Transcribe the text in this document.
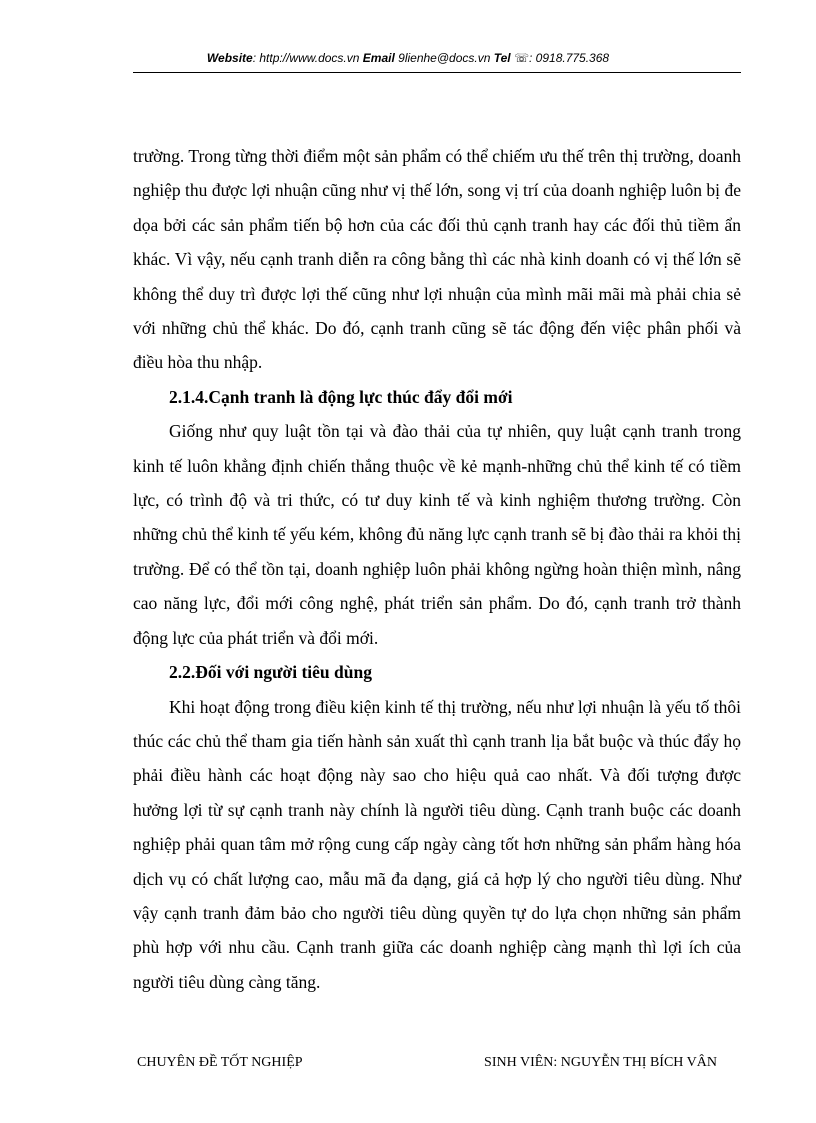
Website: http://www.docs.vn Email 9lienhe@docs.vn Tel ☏: 0918.775.368

trường. Trong từng thời điểm một sản phẩm có thể chiếm ưu thế trên thị trường, doanh nghiệp thu được lợi nhuận cũng như vị thế lớn, song vị trí của doanh nghiệp luôn bị đe dọa bởi các sản phẩm tiến bộ hơn của các đối thủ cạnh tranh hay các đối thủ tiềm ẩn khác. Vì vậy, nếu cạnh tranh diễn ra công bằng thì các nhà kinh doanh có vị thế lớn sẽ không thể duy trì được lợi thế cũng như lợi nhuận của mình mãi mãi mà phải chia sẻ với những chủ thể khác. Do đó, cạnh tranh cũng sẽ tác động đến việc phân phối và điều hòa thu nhập.

2.1.4.Cạnh tranh là động lực thúc đẩy đổi mới

Giống như quy luật tồn tại và đào thải của tự nhiên, quy luật cạnh tranh trong kinh tế luôn khẳng định chiến thắng thuộc về kẻ mạnh-những chủ thể kinh tế có tiềm lực, có trình độ và tri thức, có tư duy kinh tế và kinh nghiệm thương trường. Còn những chủ thể kinh tế yếu kém, không đủ năng lực cạnh tranh sẽ bị đào thải ra khỏi thị trường. Để có thể tồn tại, doanh nghiệp luôn phải không ngừng hoàn thiện mình, nâng cao năng lực, đổi mới công nghệ, phát triển sản phẩm. Do đó, cạnh tranh trở thành động lực của phát triển và đổi mới.

2.2.Đối với người tiêu dùng

Khi hoạt động trong điều kiện kinh tế thị trường, nếu như lợi nhuận là yếu tố thôi thúc các chủ thể tham gia tiến hành sản xuất thì cạnh tranh lịa bắt buộc và thúc đẩy họ phải điều hành các hoạt động này sao cho hiệu quả cao nhất. Và đối tượng được hưởng lợi từ sự cạnh tranh này chính là người tiêu dùng. Cạnh tranh buộc các doanh nghiệp phải quan tâm mở rộng cung cấp ngày càng tốt hơn những sản phẩm hàng hóa dịch vụ có chất lượng cao, mẫu mã đa dạng, giá cả hợp lý cho người tiêu dùng. Như vậy cạnh tranh đảm bảo cho người tiêu dùng quyền tự do lựa chọn những sản phẩm phù hợp với nhu cầu. Cạnh tranh giữa các doanh nghiệp càng mạnh thì lợi ích của người tiêu dùng càng tăng.

CHUYÊN ĐỀ TỐT NGHIỆP	SINH VIÊN: NGUYỄN THỊ BÍCH VÂN
